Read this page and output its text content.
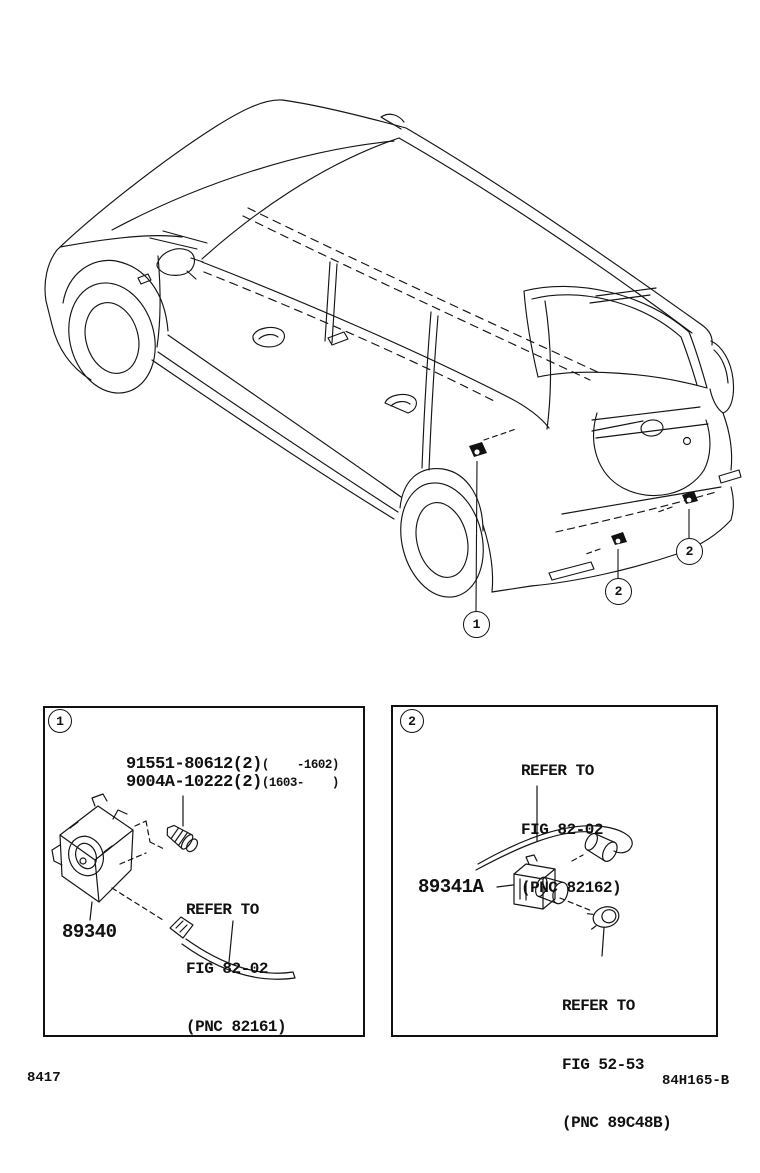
1
2
2
1
91551-80612(2) (    -1602)
9004A-10222(2) (1603-    )

REFER TO

FIG 82-02

(PNC 82161)

89340
2

REFER TO

FIG 82-02

(PNC 82162)

89341A

REFER TO

FIG 52-53

(PNC 89C48B)

8417	84H165-B
